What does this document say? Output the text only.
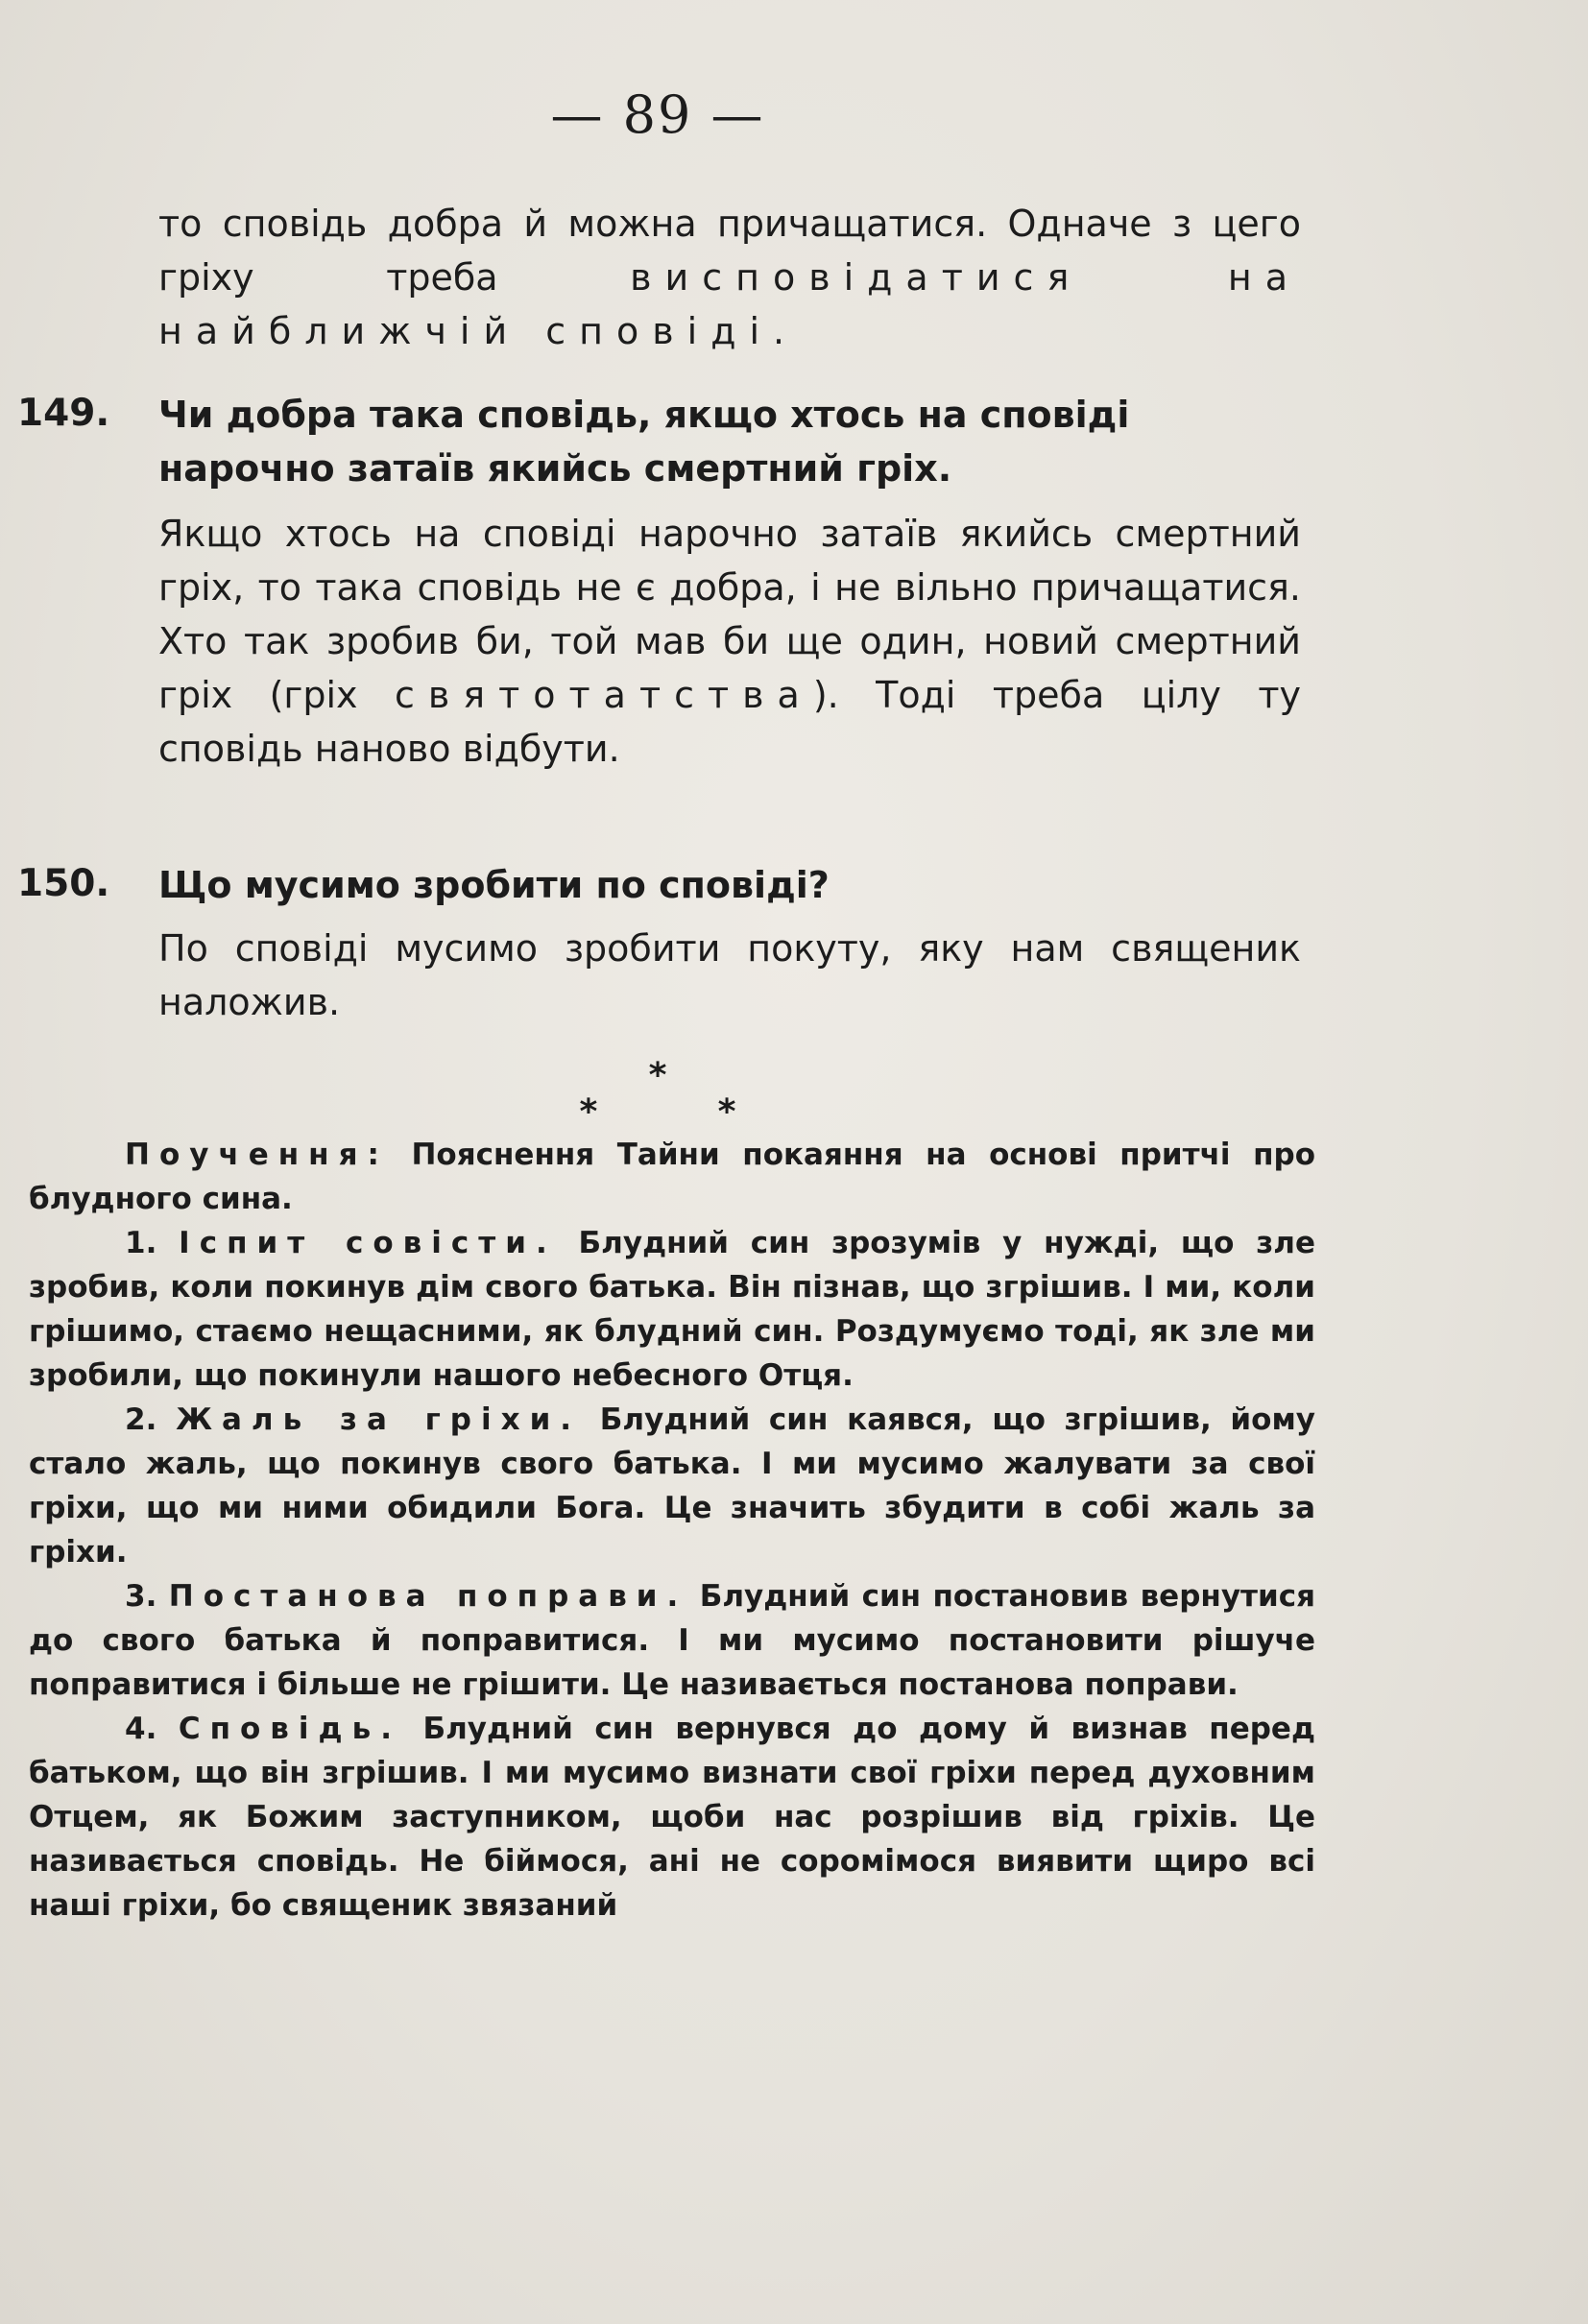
— 89 —
то сповідь добра й можна причащатися. Одначе з цего гріху треба висповідатися на найближчій сповіді.
149. Чи добра така сповідь, якщо хтось на сповіді нарочно затаїв якийсь смертний гріх.
Якщо хтось на сповіді нарочно затаїв якийсь смертний гріх, то така сповідь не є добра, і не вільно причащатися. Хто так зробив би, той мав би ще один, новий смертний гріх (гріх святотатства). Тоді треба цілу ту сповідь наново відбути.
150. Що мусимо зробити по сповіді?
По сповіді мусимо зробити покуту, яку нам священик наложив.
*
*          *

Поучення: Пояснення Тайни покаяння на основі притчі про блудного сина.

1. Іспит совісти. Блудний син зрозумів у нужді, що зле зробив, коли покинув дім свого батька. Він пізнав, що згрішив. І ми, коли грішимо, стаємо нещасними, як блудний син. Роздумуємо тоді, як зле ми зробили, що покинули нашого небесного Отця.

2. Жаль за гріхи. Блудний син каявся, що згрішив, йому стало жаль, що покинув свого батька. І ми мусимо жалувати за свої гріхи, що ми ними обидили Бога. Це значить збудити в собі жаль за гріхи.

3. Постанова поправи. Блудний син постановив вернутися до свого батька й поправитися. І ми мусимо постановити рішуче поправитися і більше не грішити. Це називається постанова поправи.

4. Сповідь. Блудний син вернувся до дому й визнав перед батьком, що він згрішив. І ми мусимо визнати свої гріхи перед духовним Отцем, як Божим заступником, щоби нас розрішив від гріхів. Це називається сповідь. Не біймося, ані не соромімося виявити щиро всі наші гріхи, бо священик звязаний
